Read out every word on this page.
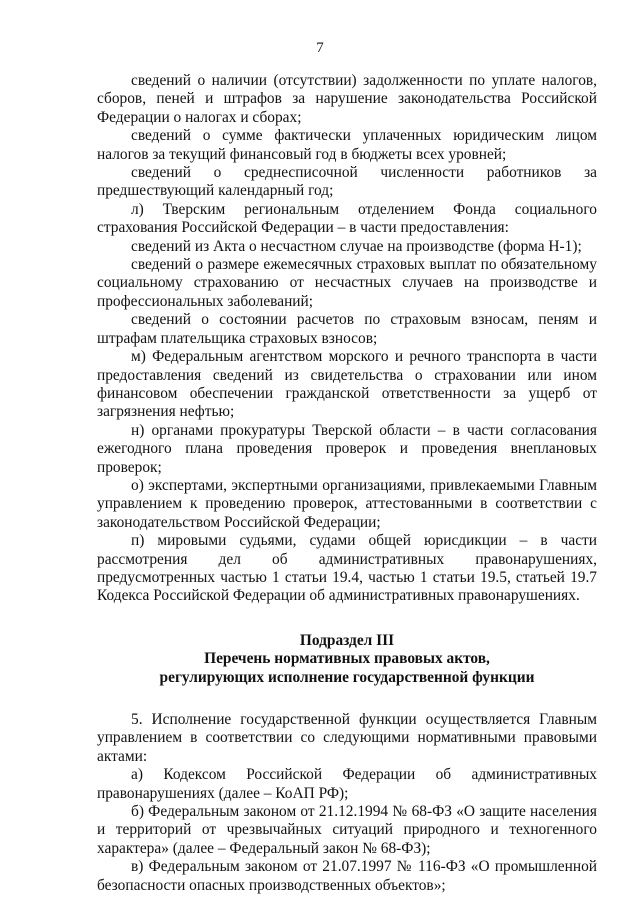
7

сведений о наличии (отсутствии) задолженности по уплате налогов, сборов, пеней и штрафов за нарушение законодательства Российской Федерации о налогах и сборах;

сведений о сумме фактически уплаченных юридическим лицом налогов за текущий финансовый год в бюджеты всех уровней;

сведений о среднесписочной численности работников за предшествующий календарный год;

л) Тверским региональным отделением Фонда социального страхования Российской Федерации – в части предоставления:

сведений из Акта о несчастном случае на производстве (форма Н-1);

сведений о размере ежемесячных страховых выплат по обязательному социальному страхованию от несчастных случаев на производстве и профессиональных заболеваний;

сведений о состоянии расчетов по страховым взносам, пеням и штрафам плательщика страховых взносов;

м) Федеральным агентством морского и речного транспорта в части предоставления сведений из свидетельства о страховании или ином финансовом обеспечении гражданской ответственности за ущерб от загрязнения нефтью;

н) органами прокуратуры Тверской области – в части согласования ежегодного плана проведения проверок и проведения внеплановых проверок;

о) экспертами, экспертными организациями, привлекаемыми Главным управлением к проведению проверок, аттестованными в соответствии с законодательством Российской Федерации;

п) мировыми судьями, судами общей юрисдикции – в части рассмотрения дел об административных правонарушениях, предусмотренных частью 1 статьи 19.4, частью 1 статьи 19.5, статьей 19.7 Кодекса Российской Федерации об административных правонарушениях.

Подраздел III

Перечень нормативных правовых актов,

регулирующих исполнение государственной функции

5. Исполнение государственной функции осуществляется Главным управлением в соответствии со следующими нормативными правовыми актами:

а) Кодексом Российской Федерации об административных правонарушениях (далее – КоАП РФ);

б) Федеральным законом от 21.12.1994 № 68-ФЗ «О защите населения и территорий от чрезвычайных ситуаций природного и техногенного характера» (далее – Федеральный закон № 68-ФЗ);

в) Федеральным законом от 21.07.1997 № 116-ФЗ «О промышленной безопасности опасных производственных объектов»;
